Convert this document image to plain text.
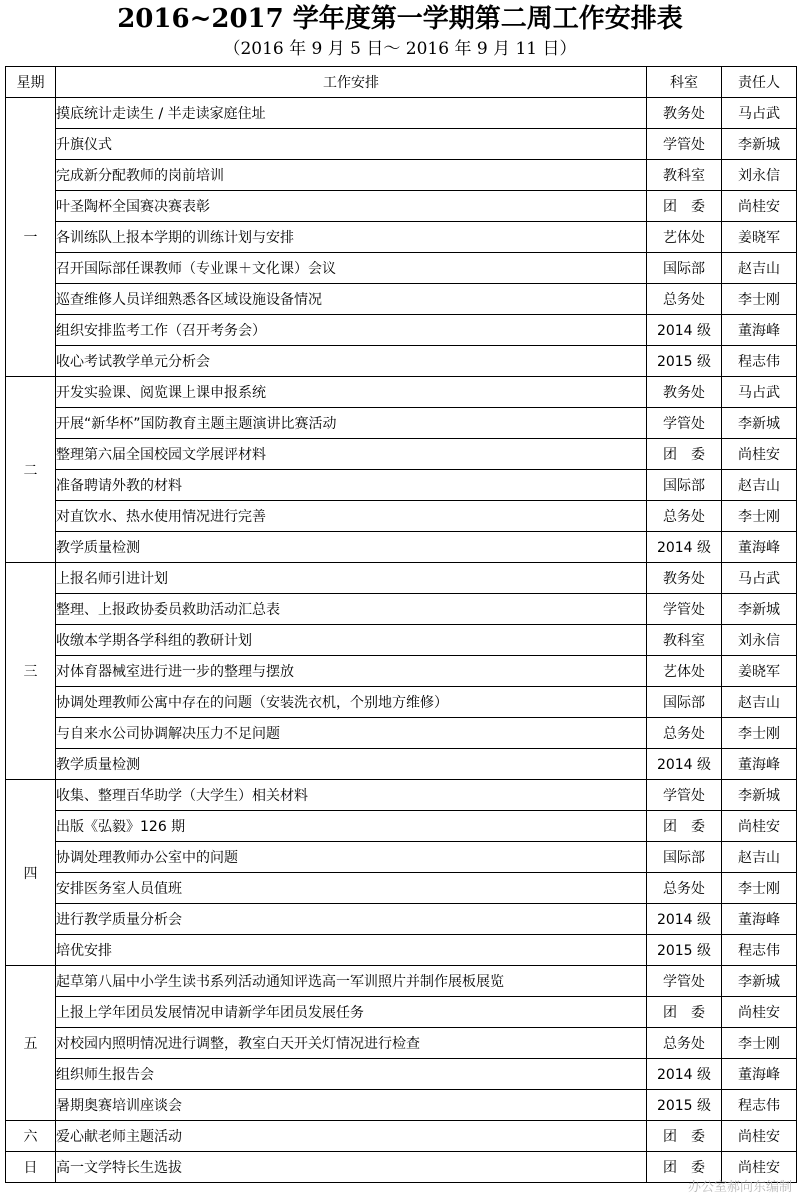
2016~2017 学年度第一学期第二周工作安排表
（2016 年 9 月 5 日～ 2016 年 9 月 11 日）
星期	工作安排	科室	责任人
一	摸底统计走读生 / 半走读家庭住址	教务处	马占武
	升旗仪式	学管处	李新城
	完成新分配教师的岗前培训	教科室	刘永信
	叶圣陶杯全国赛决赛表彰	团　委	尚桂安
	各训练队上报本学期的训练计划与安排	艺体处	姜晓军
	召开国际部任课教师（专业课＋文化课）会议	国际部	赵吉山
	巡查维修人员详细熟悉各区域设施设备情况	总务处	李士刚
	组织安排监考工作（召开考务会）	2014 级	董海峰
	收心考试教学单元分析会	2015 级	程志伟
二	开发实验课、阅览课上课申报系统	教务处	马占武
	开展“新华杯”国防教育主题主题演讲比赛活动	学管处	李新城
	整理第六届全国校园文学展评材料	团　委	尚桂安
	准备聘请外教的材料	国际部	赵吉山
	对直饮水、热水使用情况进行完善	总务处	李士刚
	教学质量检测	2014 级	董海峰
三	上报名师引进计划	教务处	马占武
	整理、上报政协委员救助活动汇总表	学管处	李新城
	收缴本学期各学科组的教研计划	教科室	刘永信
	对体育器械室进行进一步的整理与摆放	艺体处	姜晓军
	协调处理教师公寓中存在的问题（安装洗衣机，个别地方维修）	国际部	赵吉山
	与自来水公司协调解决压力不足问题	总务处	李士刚
	教学质量检测	2014 级	董海峰
四	收集、整理百华助学（大学生）相关材料	学管处	李新城
	出版《弘毅》126 期	团　委	尚桂安
	协调处理教师办公室中的问题	国际部	赵吉山
	安排医务室人员值班	总务处	李士刚
	进行教学质量分析会	2014 级	董海峰
	培优安排	2015 级	程志伟
五	起草第八届中小学生读书系列活动通知评选高一军训照片并制作展板展览	学管处	李新城
	上报上学年团员发展情况申请新学年团员发展任务	团　委	尚桂安
	对校园内照明情况进行调整，教室白天开关灯情况进行检查	总务处	李士刚
	组织师生报告会	2014 级	董海峰
	暑期奥赛培训座谈会	2015 级	程志伟
六	爱心献老师主题活动	团　委	尚桂安
日	高一文学特长生选拔	团　委	尚桂安
办公室郝向东编制
